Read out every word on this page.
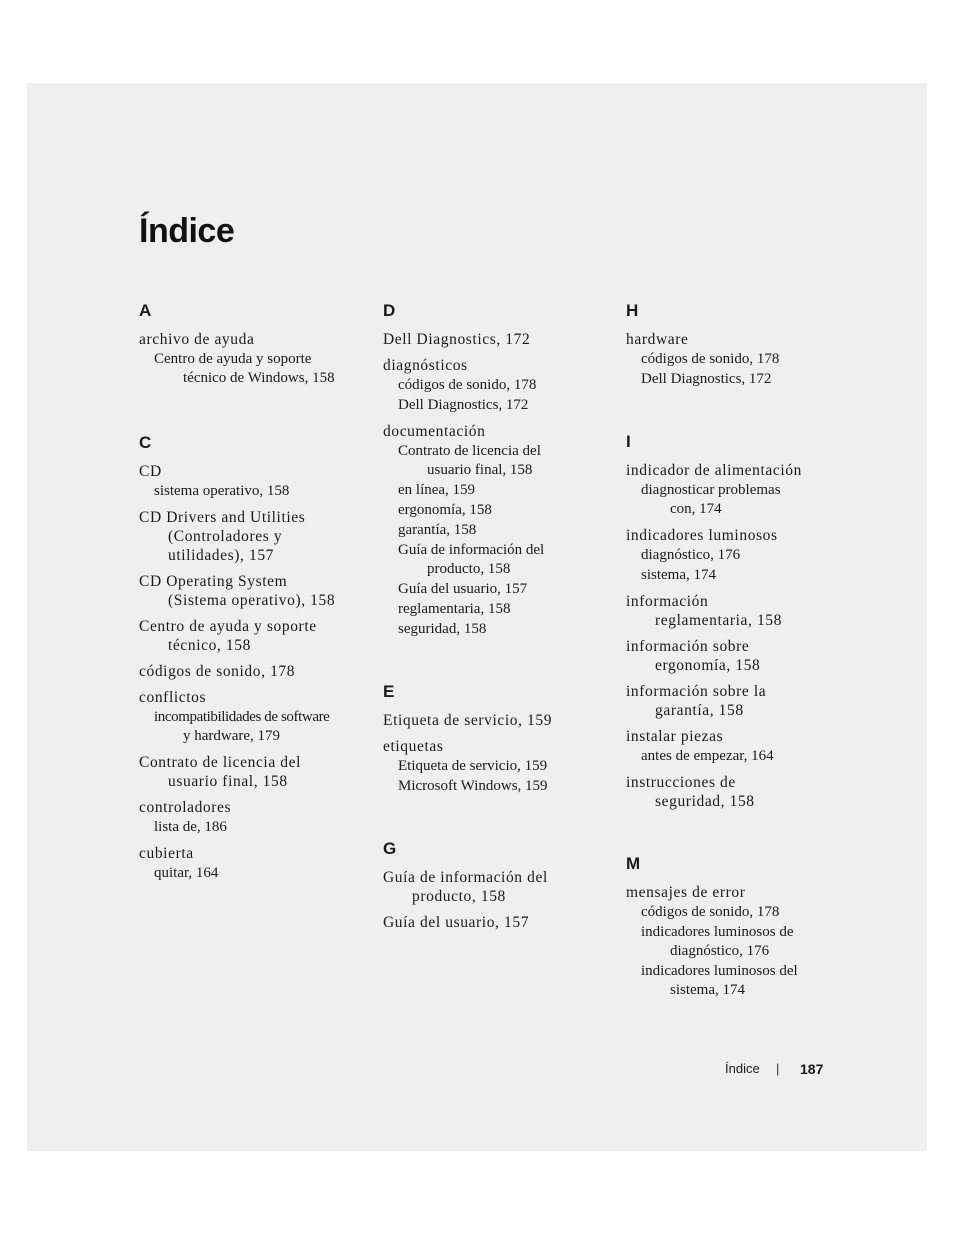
Índice
A
archivo de ayuda
Centro de ayuda y soporte
técnico de Windows, 158
C
CD
sistema operativo, 158
CD Drivers and Utilities
(Controladores y
utilidades), 157
CD Operating System
(Sistema operativo), 158
Centro de ayuda y soporte
técnico, 158
códigos de sonido, 178
conflictos
incompatibilidades de software
y hardware, 179
Contrato de licencia del
usuario final, 158
controladores
lista de, 186
cubierta
quitar, 164
D
Dell Diagnostics, 172
diagnósticos
códigos de sonido, 178
Dell Diagnostics, 172
documentación
Contrato de licencia del
usuario final, 158
en línea, 159
ergonomía, 158
garantía, 158
Guía de información del
producto, 158
Guía del usuario, 157
reglamentaria, 158
seguridad, 158
E
Etiqueta de servicio, 159
etiquetas
Etiqueta de servicio, 159
Microsoft Windows, 159
G
Guía de información del
producto, 158
Guía del usuario, 157
H
hardware
códigos de sonido, 178
Dell Diagnostics, 172
I
indicador de alimentación
diagnosticar problemas
con, 174
indicadores luminosos
diagnóstico, 176
sistema, 174
información
reglamentaria, 158
información sobre
ergonomía, 158
información sobre la
garantía, 158
instalar piezas
antes de empezar, 164
instrucciones de
seguridad, 158
M
mensajes de error
códigos de sonido, 178
indicadores luminosos de
diagnóstico, 176
indicadores luminosos del
sistema, 174
Índice | 187
